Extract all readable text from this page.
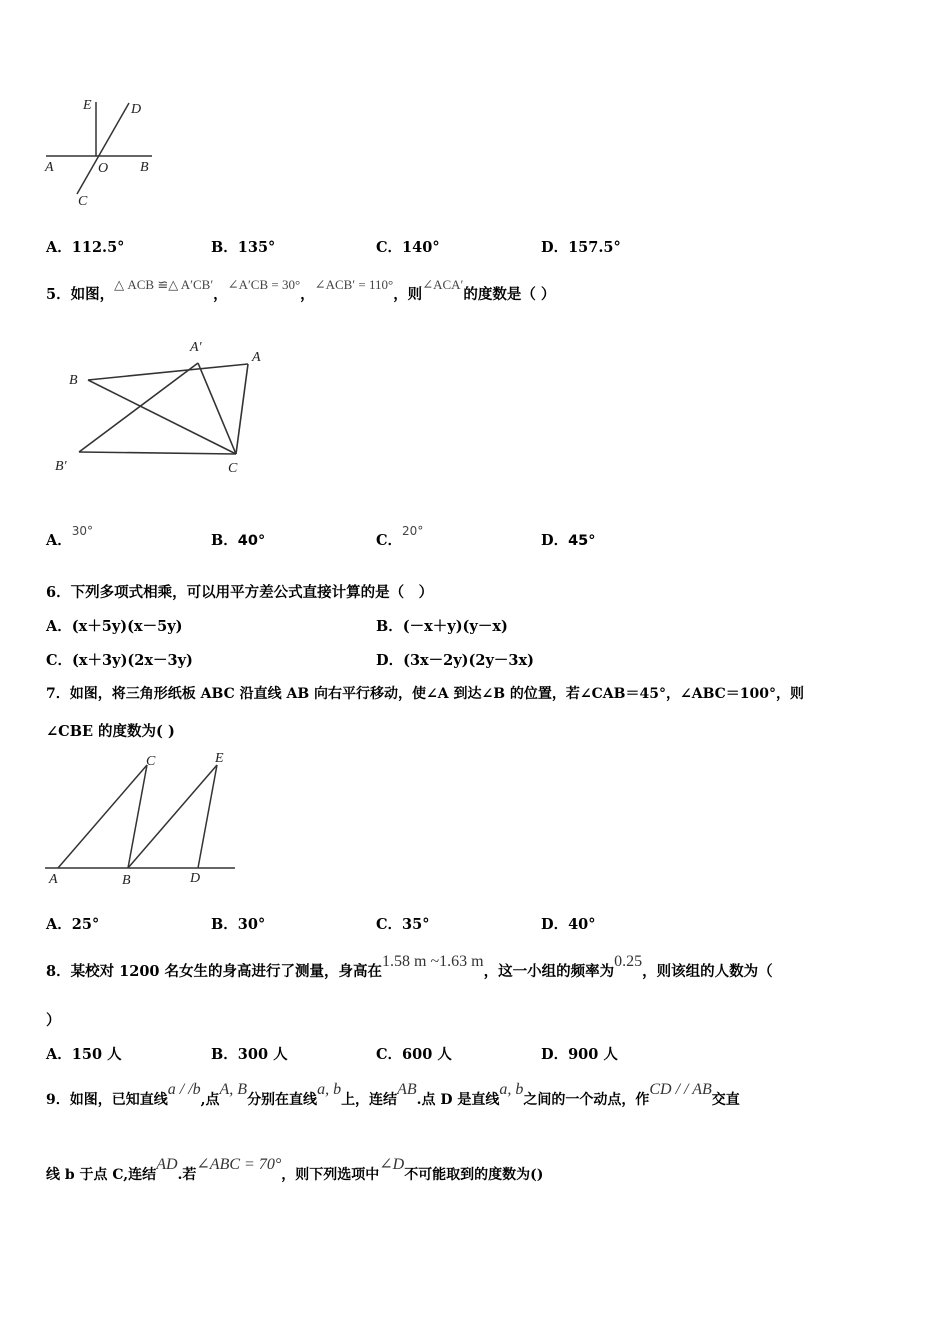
E	D
A	O B
C
A．112.5°	B．135°	C．140°	D．157.5°
5．如图，△ ACB ≌△ A′CB′，∠A′CB = 30°，∠ACB′ = 110°，则∠ACA′的度数是（ ）
A′
A
B
B′	C
A．$^{30^\circ}$
B．40°	C．$^{20^\circ}$
D．45°
6．下列多项式相乘，可以用平方差公式直接计算的是（　）
A．(x＋5y)(x－5y)	B．(－x＋y)(y－x)
C．(x＋3y)(2x－3y)	D．(3x－2y)(2y－3x)
7．如图，将三角形纸板 ABC 沿直线 AB 向右平行移动，使∠A 到达∠B 的位置，若∠CAB＝45°，∠ABC＝100°，则
∠CBE 的度数为( )
C	E
A	B	D
A．25°	B．30°	C．35°	D．40°
8．某校对 1200 名女生的身高进行了测量，身高在1.58 m ~1.63 m，这一小组的频率为0.25，则该组的人数为（
）
A．150 人	B．300 人	C．600 人	D．900 人
9．如图，已知直线a / /b,点A, B分别在直线a, b上，连结AB.点 D 是直线a, b之间的一个动点，作CD / / AB交直
线 b 于点 C,连结AD.若∠ABC = 70°，则下列选项中∠D不可能取到的度数为()
